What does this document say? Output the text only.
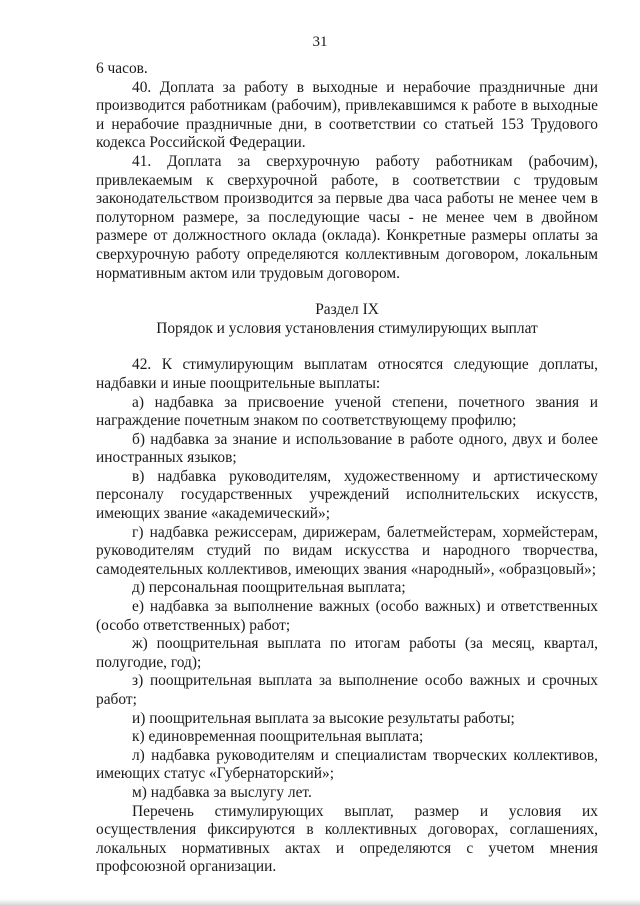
31

6 часов.

40. Доплата за работу в выходные и нерабочие праздничные дни производится работникам (рабочим), привлекавшимся к работе в выходные и нерабочие праздничные дни, в соответствии со статьей 153 Трудового кодекса Российской Федерации.

41. Доплата за сверхурочную работу работникам (рабочим), привлекаемым к сверхурочной работе, в соответствии с трудовым законодательством производится за первые два часа работы не менее чем в полуторном размере, за последующие часы - не менее чем в двойном размере от должностного оклада (оклада). Конкретные размеры оплаты за сверхурочную работу определяются коллективным договором, локальным нормативным актом или трудовым договором.

Раздел IX

Порядок и условия установления стимулирующих выплат

42. К стимулирующим выплатам относятся следующие доплаты, надбавки и иные поощрительные выплаты:

а) надбавка за присвоение ученой степени, почетного звания и награждение почетным знаком по соответствующему профилю;

б) надбавка за знание и использование в работе одного, двух и более иностранных языков;

в) надбавка руководителям, художественному и артистическому персоналу государственных учреждений исполнительских искусств, имеющих звание «академический»;

г) надбавка режиссерам, дирижерам, балетмейстерам, хормейстерам, руководителям студий по видам искусства и народного творчества, самодеятельных коллективов, имеющих звания «народный», «образцовый»;

д) персональная поощрительная выплата;

е) надбавка за выполнение важных (особо важных) и ответственных (особо ответственных) работ;

ж) поощрительная выплата по итогам работы (за месяц, квартал, полугодие, год);

з) поощрительная выплата за выполнение особо важных и срочных работ;

и) поощрительная выплата за высокие результаты работы;

к) единовременная поощрительная выплата;

л) надбавка руководителям и специалистам творческих коллективов, имеющих статус «Губернаторский»;

м) надбавка за выслугу лет.

Перечень стимулирующих выплат, размер и условия их осуществления фиксируются в коллективных договорах, соглашениях, локальных нормативных актах и определяются с учетом мнения профсоюзной организации.
